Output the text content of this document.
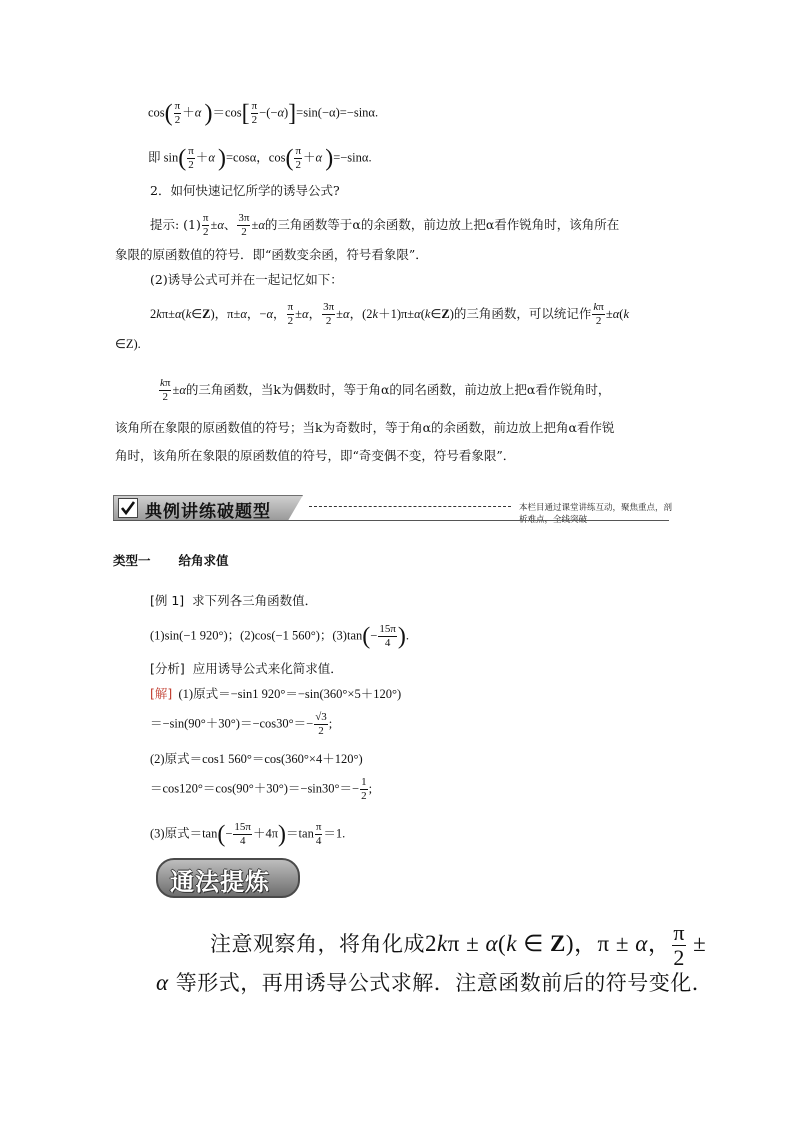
$\cos( \frac{\pi}{2} +\alpha$ )$=\cos[ \frac{\pi}{2} -(-\alpha)]=\sin(-\alpha)=-\sin\alpha$.
即 $\sin( \frac{\pi}{2} +\alpha$ )=cosα，$\cos( \frac{\pi}{2} +\alpha$ )=−sinα.
2．如何快速记忆所学的诱导公式?
提示: $(1) \frac{\pi}{2} \pm\alpha$、 $\frac{3\pi}{2} \pm\alpha$的三角函数等于α的余函数，前边放上把α看作锐角时，该角所在
象限的原函数值的符号．即“函数变余函，符号看象限”．
(2)诱导公式可并在一起记忆如下：
2kπ±α(k∈Z)，π±α，−α， $\frac{\pi}{2} \pm\alpha$， $\frac{3\pi}{2} \pm\alpha$，(2k＋1)π±α(k∈Z)的三角函数，可以统记作 $\frac{k\pi}{2} \pm\alpha(k$
∈Z).
$\frac{k\pi}{2} \pm\alpha$的三角函数，当k为偶数时，等于角α的同名函数，前边放上把α看作锐角时，
该角所在象限的原函数值的符号；当k为奇数时，等于角α的余函数，前边放上把角α看作锐
角时，该角所在象限的原函数值的符号，即“奇变偶不变，符号看象限”．
典例讲练破题型	本栏目通过课堂讲练互动，聚焦重点，剖析难点，全线突破
类型一 给角求值
[例 1] 求下列各三角函数值．
(1)sin(−1 920°)；(2)cos(−1 560°)；$(3)\tan(- \frac{15\pi}{4}$ ).
[分析] 应用诱导公式来化简求值．
[解] (1)原式＝−sin1 920°＝−sin(360°×5＋120°)
$=-\sin(90^\circ+30^\circ)=-\cos 30^\circ=- \frac{√3}{2}$ ;
(2)原式＝cos1 560°＝cos(360°×4＋120°)
$=\cos 120^\circ=\cos(90^\circ+30^\circ)=-\sin 30^\circ=- \frac{1}{2}$ ;
(3)原式$=\tan(- \frac{15\pi}{4} +4\pi)=\tan \frac{\pi}{4} =1$.
通法提炼
注意观察角，将角化成2kπ ± α(k ∈ Z)，π ± α， $\frac{\pi}{2}$ ±
α 等形式，再用诱导公式求解．注意函数前后的符号变化．
